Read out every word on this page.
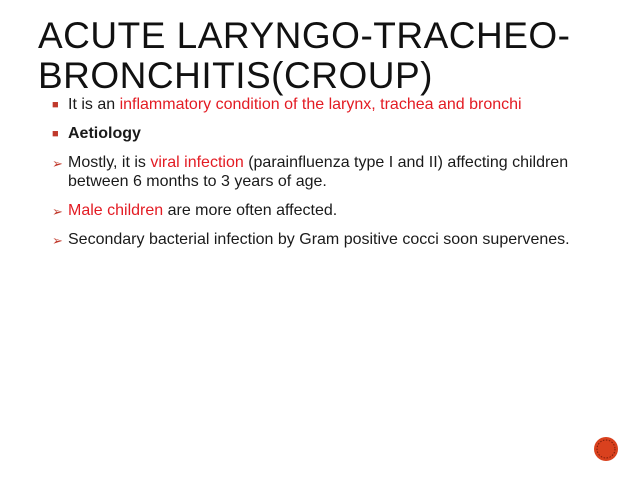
ACUTE LARYNGO-TRACHEO-
BRONCHITIS(CROUP)
■ It is an inflammatory condition of the larynx, trachea and bronchi
■ Aetiology
➢ Mostly, it is viral infection (parainfluenza type I and II) affecting children between 6 months to 3 years of age.
➢ Male children are more often affected.
➢ Secondary bacterial infection by Gram positive cocci soon supervenes.
